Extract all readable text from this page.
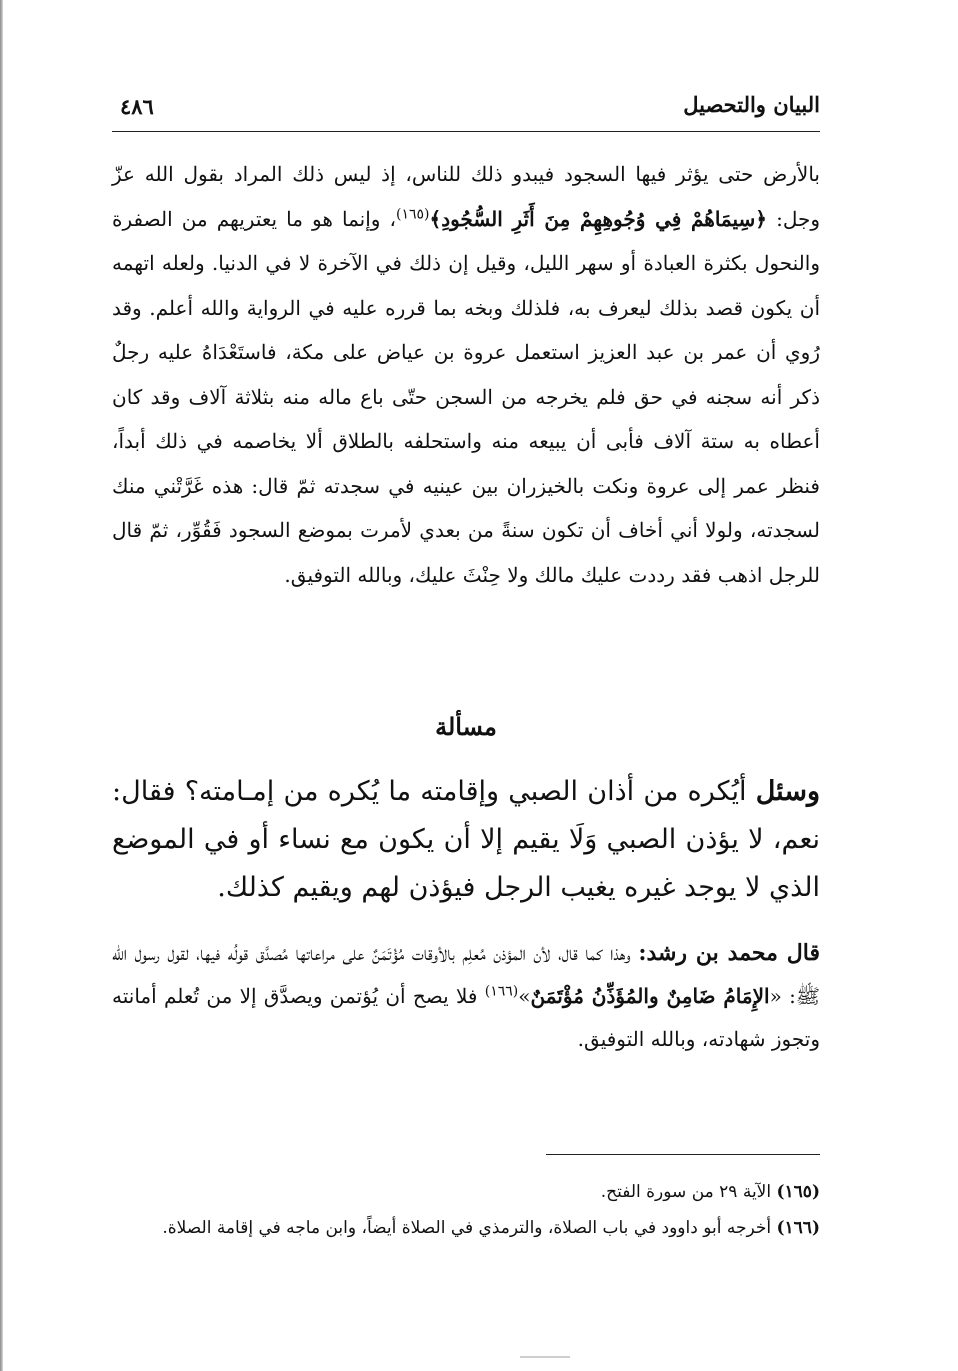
البيان والتحصيل
٤٨٦
بالأرض حتى يؤثر فيها السجود فيبدو ذلك للناس، إذ ليس ذلك المراد بقول الله عزّ وجل: ﴿سِيمَاهُمْ فِي وُجُوهِهِمْ مِنَ أَثَرِ السُّجُودِ﴾$^{(١٦٥)}$، وإنما هو ما يعتريهم من الصفرة والنحول بكثرة العبادة أو سهر الليل، وقيل إن ذلك في الآخرة لا في الدنيا. ولعله اتهمه أن يكون قصد بذلك ليعرف به، فلذلك وبخه بما قرره عليه في الرواية والله أعلم. وقد رُوي أن عمر بن عبد العزيز استعمل عروة بن عياض على مكة، فاستَعْدَاهُ عليه رجلٌ ذكر أنه سجنه في حق فلم يخرجه من السجن حتّى باع ماله منه بثلاثة آلاف وقد كان أعطاه به ستة آلاف فأبى أن يبيعه منه واستحلفه بالطلاق ألا يخاصمه في ذلك أبداً، فنظر عمر إلى عروة ونكت بالخيزران بين عينيه في سجدته ثمّ قال: هذه غَرَّتْني منك لسجدته، ولولا أني أخاف أن تكون سنةً من بعدي لأمرت بموضع السجود فَقُوِّر، ثمّ قال للرجل اذهب فقد رددت عليك مالك ولا حِنْثَ عليك، وبالله التوفيق.
مسألة
وسئل أيُكره من أذان الصبي وإقامته ما يُكره من إمـامته؟ فقال: نعم، لا يؤذن الصبي وَلَا يقيم إلا أن يكون مع نساء أو في الموضع الذي لا يوجد غيره يغيب الرجل فيؤذن لهم ويقيم كذلك.
قال محمد بن رشد: وهذا كما قال، لأن المؤذن مُعلِم بالأوقات مُؤْتَمَنٌ على مراعاتها مُصدَّق قولُه فيها، لقول رسول الله ﷺ: «الإِمَامُ ضَامِنٌ والمُؤَذِّنُ مُؤْتَمَنٌ»$^{(١٦٦)}$ فلا يصح أن يُؤتمن ويصدَّق إلا من تُعلم أمانته وتجوز شهادته، وبالله التوفيق.
(١٦٥) الآية ٢٩ من سورة الفتح.
(١٦٦) أخرجه أبو داوود في باب الصلاة، والترمذي في الصلاة أيضاً، وابن ماجه في إقامة الصلاة.
